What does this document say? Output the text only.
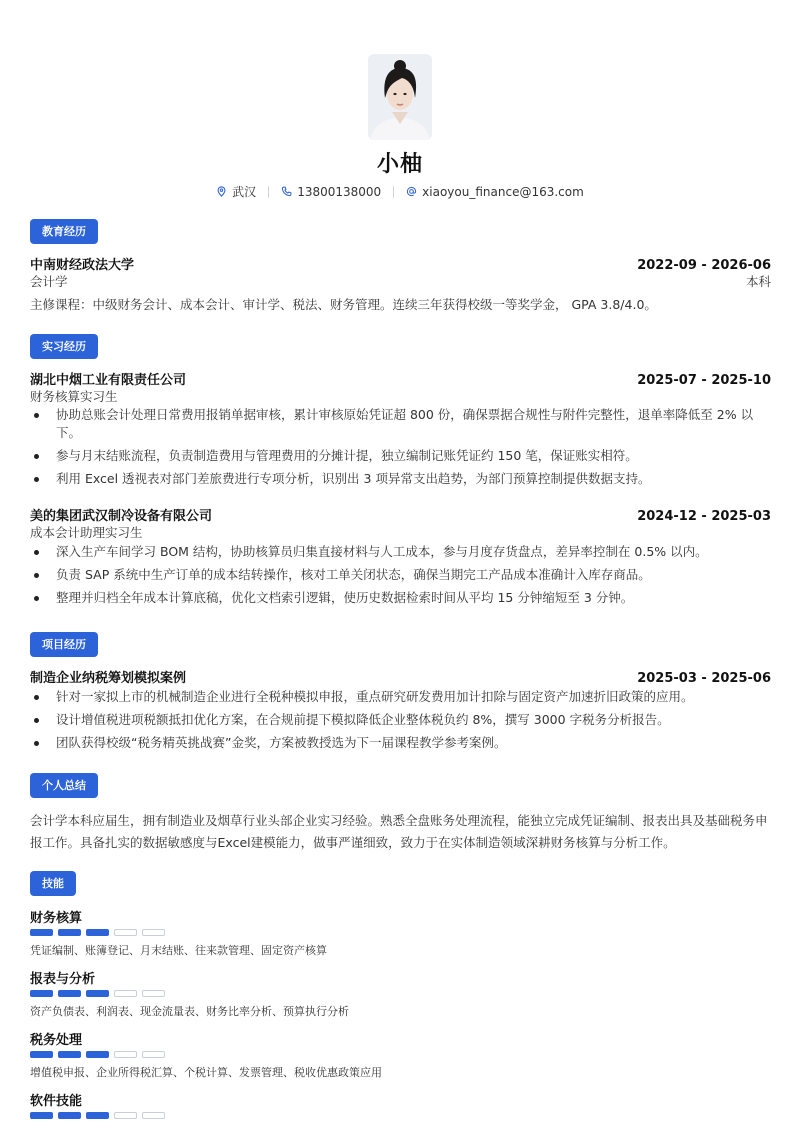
小柚
武汉	13800138000	xiaoyou_finance@163.com
教育经历
中南财经政法大学	2022-09 - 2026-06
会计学	本科
主修课程：中级财务会计、成本会计、审计学、税法、财务管理。连续三年获得校级一等奖学金， GPA 3.8/4.0。
实习经历
湖北中烟工业有限责任公司	2025-07 - 2025-10
财务核算实习生
协助总账会计处理日常费用报销单据审核，累计审核原始凭证超 800 份，确保票据合规性与附件完整性，退单率降低至 2% 以下。
参与月末结账流程，负责制造费用与管理费用的分摊计提，独立编制记账凭证约 150 笔，保证账实相符。
利用 Excel 透视表对部门差旅费进行专项分析，识别出 3 项异常支出趋势，为部门预算控制提供数据支持。
美的集团武汉制冷设备有限公司	2024-12 - 2025-03
成本会计助理实习生
深入生产车间学习 BOM 结构，协助核算员归集直接材料与人工成本，参与月度存货盘点，差异率控制在 0.5% 以内。
负责 SAP 系统中生产订单的成本结转操作，核对工单关闭状态，确保当期完工产品成本准确计入库存商品。
整理并归档全年成本计算底稿，优化文档索引逻辑，使历史数据检索时间从平均 15 分钟缩短至 3 分钟。
项目经历
制造企业纳税筹划模拟案例	2025-03 - 2025-06
针对一家拟上市的机械制造企业进行全税种模拟申报，重点研究研发费用加计扣除与固定资产加速折旧政策的应用。
设计增值税进项税额抵扣优化方案，在合规前提下模拟降低企业整体税负约 8%，撰写 3000 字税务分析报告。
团队获得校级“税务精英挑战赛”金奖，方案被教授选为下一届课程教学参考案例。
个人总结
会计学本科应届生，拥有制造业及烟草行业头部企业实习经验。熟悉全盘账务处理流程，能独立完成凭证编制、报表出具及基础税务申报工作。具备扎实的数据敏感度与Excel建模能力，做事严谨细致，致力于在实体制造领域深耕财务核算与分析工作。
技能
财务核算
凭证编制、账簿登记、月末结账、往来款管理、固定资产核算
报表与分析
资产负债表、利润表、现金流量表、财务比率分析、预算执行分析
税务处理
增值税申报、企业所得税汇算、个税计算、发票管理、税收优惠政策应用
软件技能
